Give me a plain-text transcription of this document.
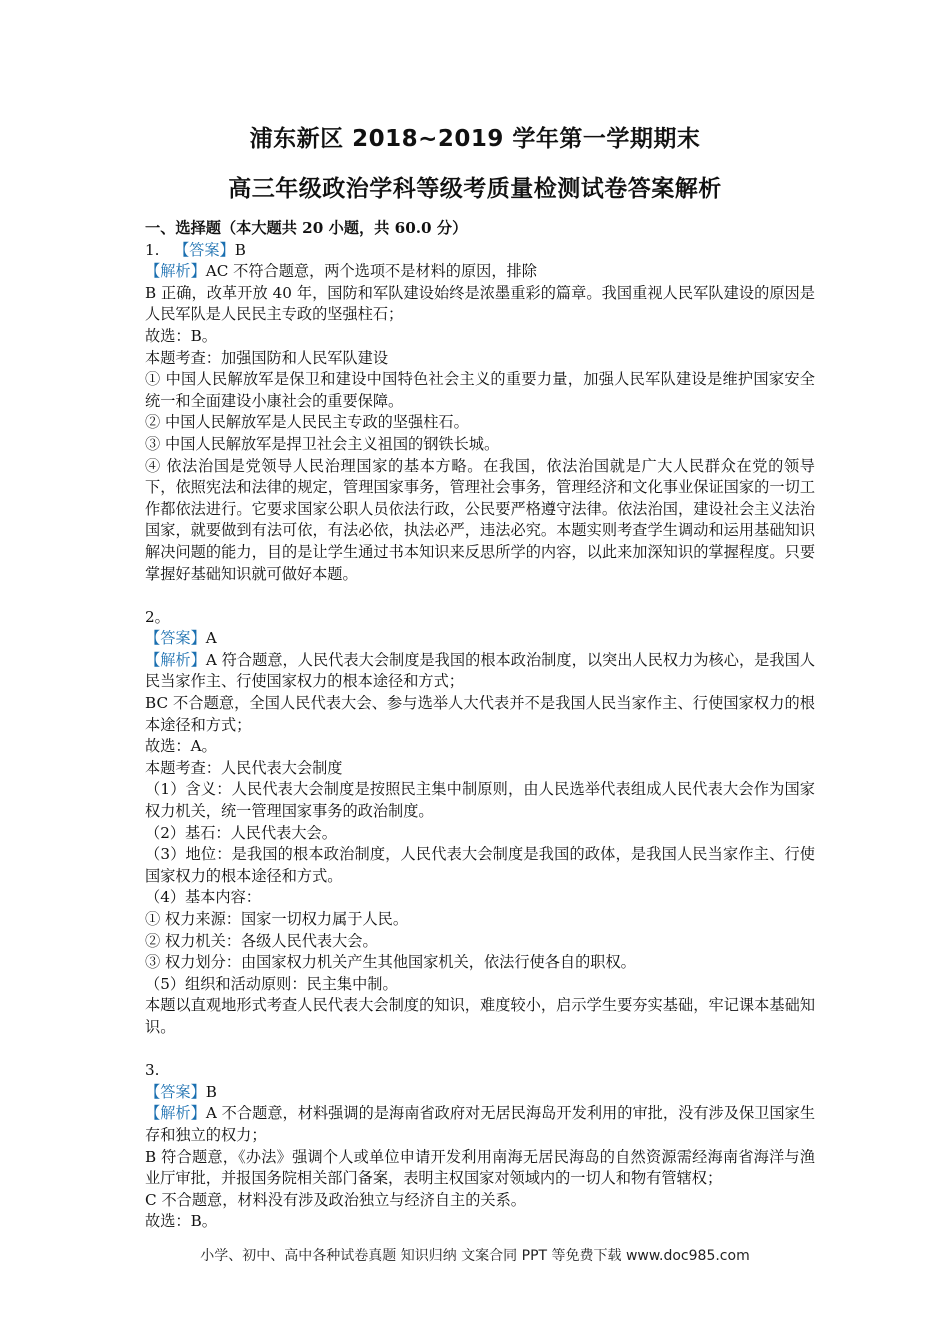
浦东新区 2018~2019 学年第一学期期末
高三年级政治学科等级考质量检测试卷答案解析

一、选择题（本大题共 20 小题，共 60.0 分）

1. 【答案】B

【解析】AC 不符合题意，两个选项不是材料的原因，排除

B 正确，改革开放 40 年，国防和军队建设始终是浓墨重彩的篇章。我国重视人民军队建设的原因是人民军队是人民民主专政的坚强柱石；

故选：B。

本题考查：加强国防和人民军队建设

① 中国人民解放军是保卫和建设中国特色社会主义的重要力量，加强人民军队建设是维护国家安全统一和全面建设小康社会的重要保障。

② 中国人民解放军是人民民主专政的坚强柱石。

③ 中国人民解放军是捍卫社会主义祖国的钢铁长城。

④ 依法治国是党领导人民治理国家的基本方略。在我国，依法治国就是广大人民群众在党的领导下，依照宪法和法律的规定，管理国家事务，管理社会事务，管理经济和文化事业保证国家的一切工作都依法进行。它要求国家公职人员依法行政，公民要严格遵守法律。依法治国，建设社会主义法治国家，就要做到有法可依，有法必依，执法必严，违法必究。本题实则考查学生调动和运用基础知识解决问题的能力，目的是让学生通过书本知识来反思所学的内容，以此来加深知识的掌握程度。只要掌握好基础知识就可做好本题。

2。

【答案】A

【解析】A 符合题意，人民代表大会制度是我国的根本政治制度，以突出人民权力为核心，是我国人民当家作主、行使国家权力的根本途径和方式；

BC 不合题意，全国人民代表大会、参与选举人大代表并不是我国人民当家作主、行使国家权力的根本途径和方式；

故选：A。

本题考查：人民代表大会制度

（1）含义：人民代表大会制度是按照民主集中制原则，由人民选举代表组成人民代表大会作为国家权力机关，统一管理国家事务的政治制度。

（2）基石：人民代表大会。

（3）地位：是我国的根本政治制度，人民代表大会制度是我国的政体，是我国人民当家作主、行使国家权力的根本途径和方式。

（4）基本内容：

① 权力来源：国家一切权力属于人民。

② 权力机关：各级人民代表大会。

③ 权力划分：由国家权力机关产生其他国家机关，依法行使各自的职权。

（5）组织和活动原则：民主集中制。

本题以直观地形式考查人民代表大会制度的知识，难度较小，启示学生要夯实基础，牢记课本基础知识。

3.

【答案】B

【解析】A 不合题意，材料强调的是海南省政府对无居民海岛开发利用的审批，没有涉及保卫国家生存和独立的权力；

B 符合题意，《办法》强调个人或单位申请开发利用南海无居民海岛的自然资源需经海南省海洋与渔业厅审批，并报国务院相关部门备案，表明主权国家对领域内的一切人和物有管辖权；

C 不合题意，材料没有涉及政治独立与经济自主的关系。

故选：B。

小学、初中、高中各种试卷真题 知识归纳 文案合同 PPT 等免费下载 www.doc985.com
